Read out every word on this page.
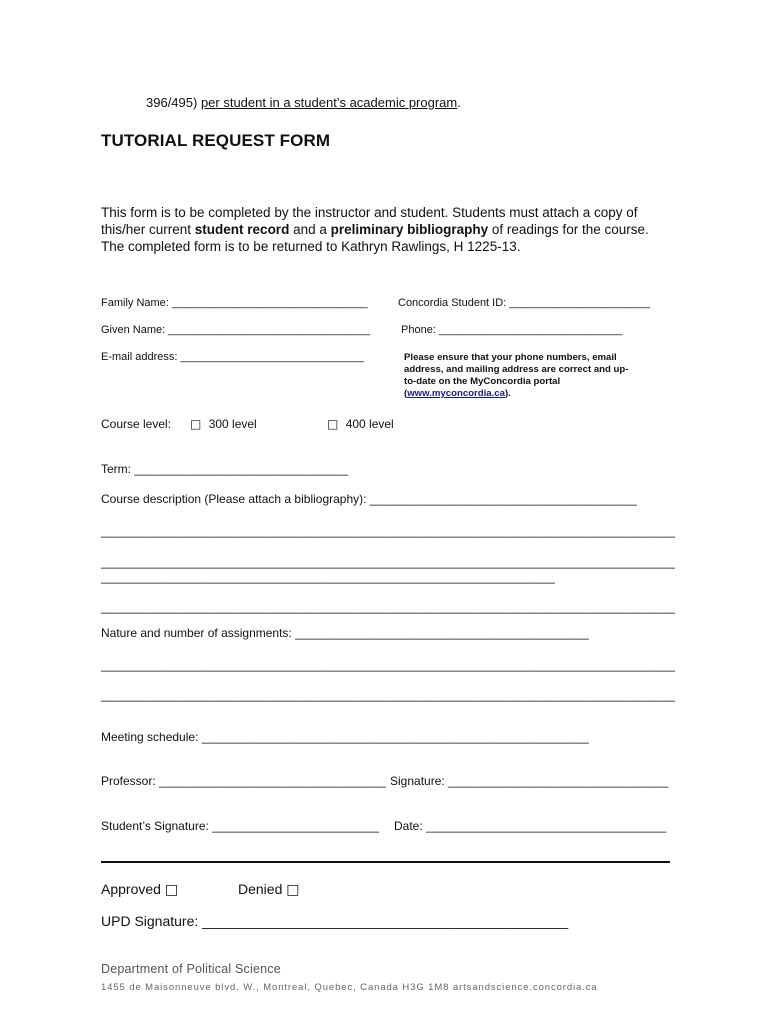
396/495) per student in a student’s academic program.
TUTORIAL REQUEST FORM
This form is to be completed by the instructor and student. Students must attach a copy of this/her current student record and a preliminary bibliography of readings for the course. The completed form is to be returned to Kathryn Rawlings, H 1225-13.
Family Name: ________________________________	Concordia Student ID: _______________________
Given Name: _________________________________	Phone: ______________________________
E-mail address: ______________________________	Please ensure that your phone numbers, email address, and mailing address are correct and up-to-date on the MyConcordia portal (www.myconcordia.ca).
Course level: □ 300 level	□ 400 level
Term: ________________________________
Course description (Please attach a bibliography): ________________________________________
______________________________________________________________________________________
______________________________________________________________________________________
____________________________________________________________________
______________________________________________________________________________________
Nature and number of assignments: ____________________________________________
______________________________________________________________________________________
______________________________________________________________________________________
Meeting schedule: __________________________________________________________
Professor: __________________________________ Signature: _________________________________
Student’s Signature: _________________________ Date: ____________________________________
Approved □	Denied □
UPD Signature: _______________________________________________
Department of Political Science
1455 de Maisonneuve blvd. W., Montreal, Quebec, Canada H3G 1M8 artsandscience.concordia.ca
